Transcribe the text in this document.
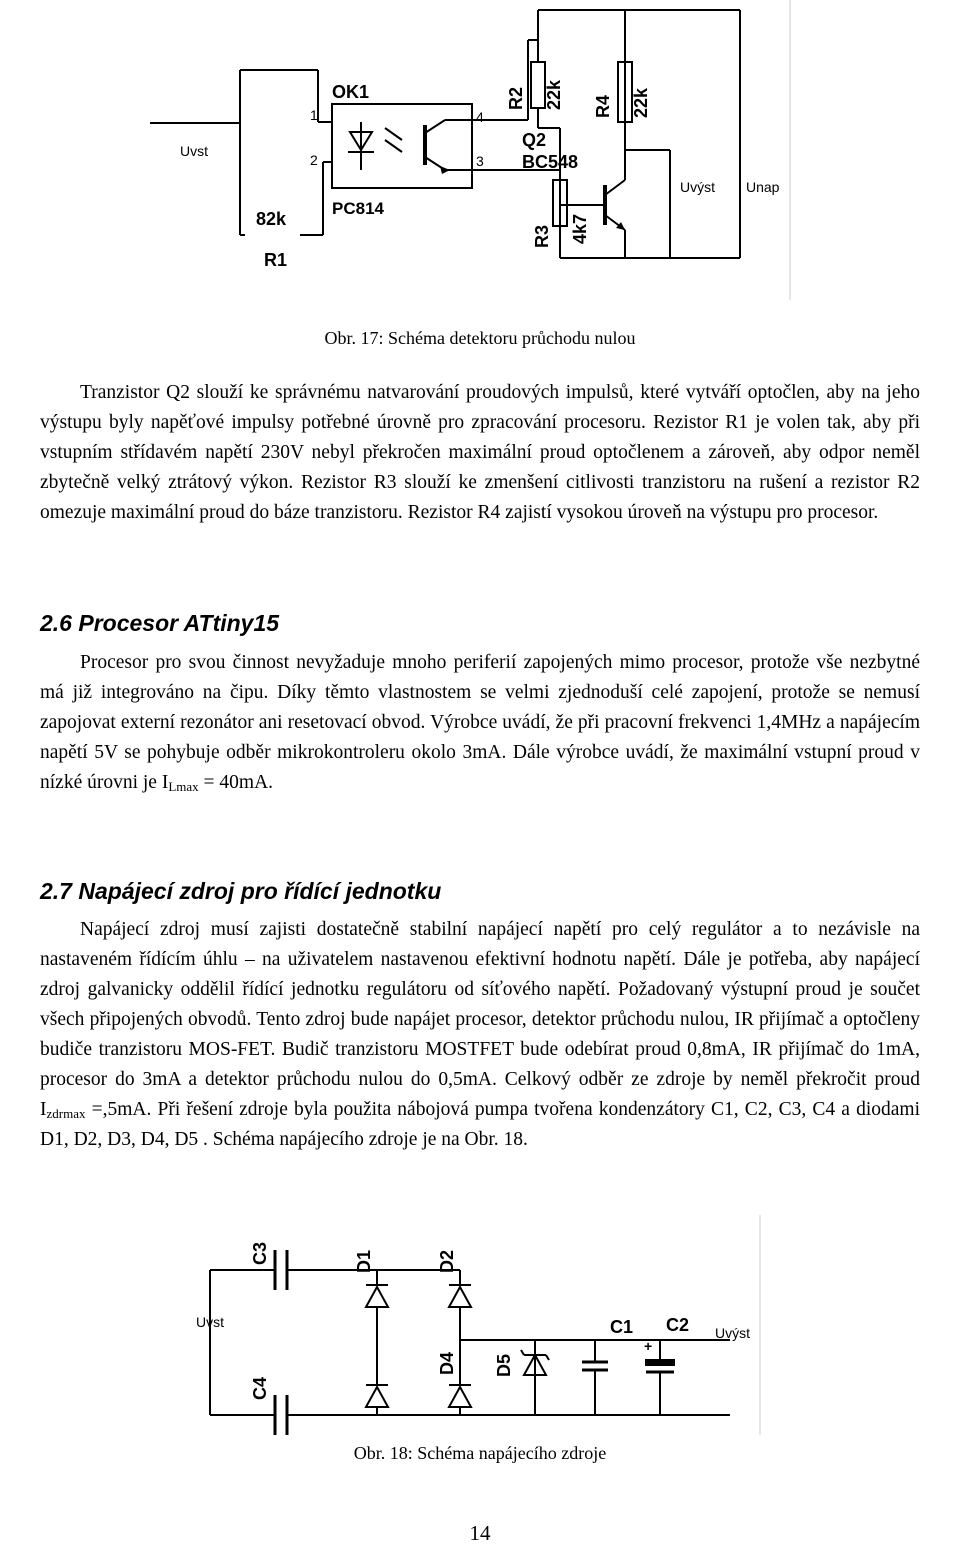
Uvst
OK1
1
2
4
3
PC814
82k
R1
R2 22k R4 22k
Q2
BC548
R3 4k7
Uvýst Unap
Obr. 17: Schéma detektoru průchodu nulou

Tranzistor Q2 slouží ke správnému natvarování proudových impulsů, které vytváří optočlen, aby na jeho výstupu byly napěťové impulsy potřebné úrovně pro zpracování procesoru. Rezistor R1 je volen tak, aby při vstupním střídavém napětí 230V nebyl překročen maximální proud optočlenem a zároveň, aby odpor neměl zbytečně velký ztrátový výkon. Rezistor R3 slouží ke zmenšení citlivosti tranzistoru na rušení a rezistor R2 omezuje maximální proud do báze tranzistoru. Rezistor R4 zajistí vysokou úroveň na výstupu pro procesor.

2.6 Procesor ATtiny15

Procesor pro svou činnost nevyžaduje mnoho periferií zapojených mimo procesor, protože vše nezbytné má již integrováno na čipu. Díky těmto vlastnostem se velmi zjednoduší celé zapojení, protože se nemusí zapojovat externí rezonátor ani resetovací obvod. Výrobce uvádí, že při pracovní frekvenci 1,4MHz a napájecím napětí 5V se pohybuje odběr mikrokontroleru okolo 3mA. Dále výrobce uvádí, že maximální vstupní proud v nízké úrovni je $I_{Lmax} = 40mA$.

2.7 Napájecí zdroj pro řídící jednotku

Napájecí zdroj musí zajisti dostatečně stabilní napájecí napětí pro celý regulátor a to nezávisle na nastaveném řídícím úhlu – na uživatelem nastavenou efektivní hodnotu napětí. Dále je potřeba, aby napájecí zdroj galvanicky oddělil řídící jednotku regulátoru od síťového napětí. Požadovaný výstupní proud je součet všech připojených obvodů. Tento zdroj bude napájet procesor, detektor průchodu nulou, IR přijímač a optočleny budiče tranzistoru MOS-FET. Budič tranzistoru MOSTFET bude odebírat proud 0,8mA, IR přijímač do 1mA, procesor do 3mA a detektor průchodu nulou do 0,5mA. Celkový odběr ze zdroje by neměl překročit proud $I_{zdrmax} =,5mA$. Při řešení zdroje byla použita nábojová pumpa tvořena kondenzátory C1, C2, C3, C4 a diodami D1, D2, D3, D4, D5 . Schéma napájecího zdroje je na Obr. 18.

C3
C4
D1	D2
D4 D5
C1 C2
+
Uvst
Uvýst
Obr. 18: Schéma napájecího zdroje
14
